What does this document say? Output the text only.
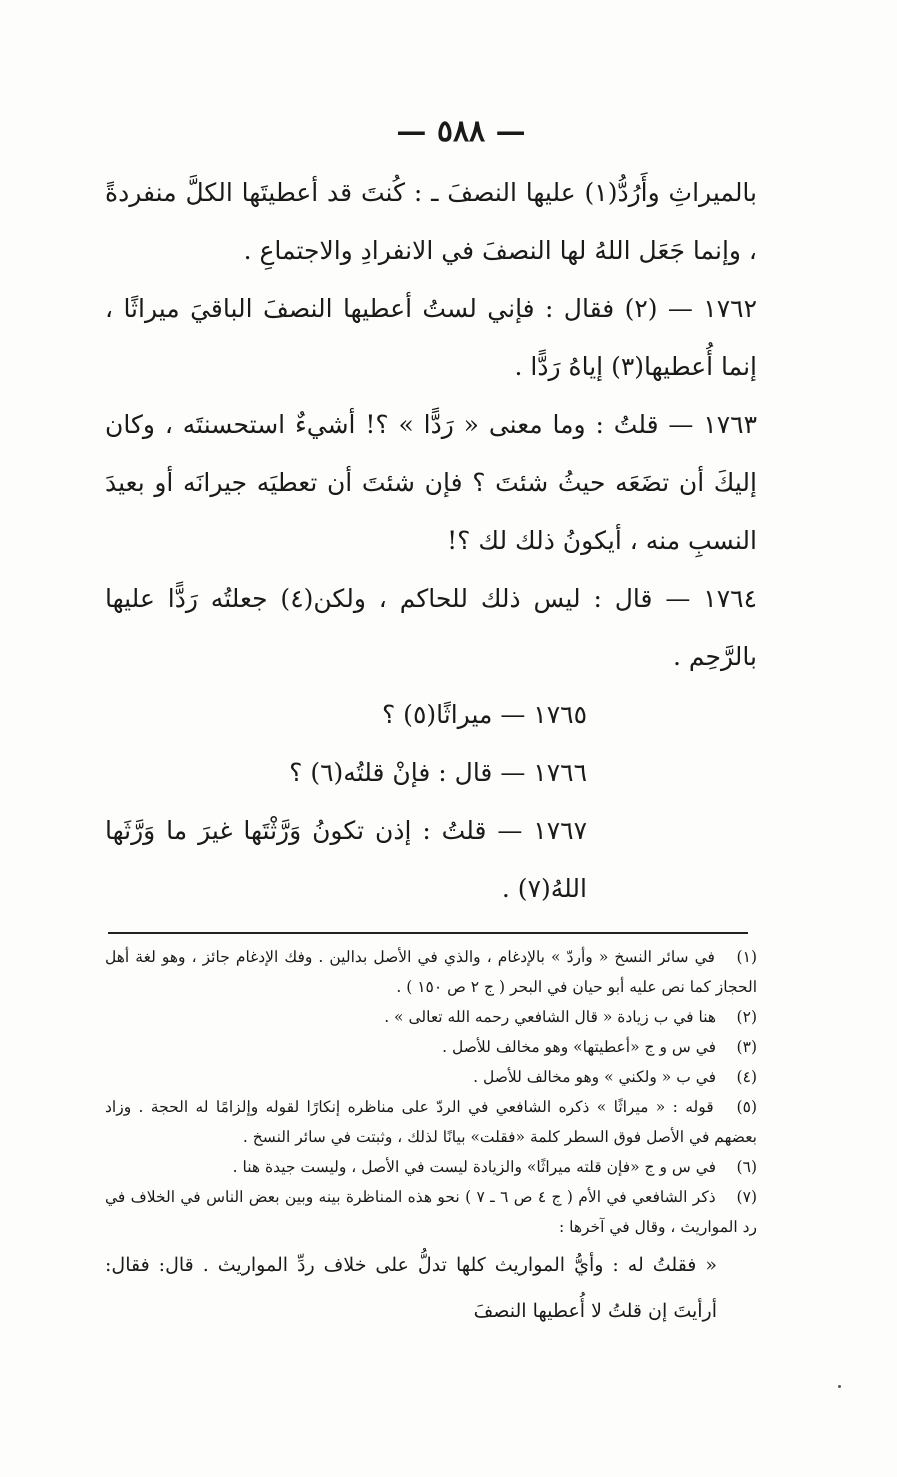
— ٥٨٨ —

بالميراثِ وأَرُدُّ(١) عليها النصفَ ـ : كُنتَ قد أعطيتَها الكلَّ منفردةً ، وإنما جَعَل اللهُ لها النصفَ في الانفرادِ والاجتماعِ .

١٧٦٢ — (٢) فقال : فإني لستُ أعطيها النصفَ الباقيَ ميراثًا ، إنما أُعطيها(٣) إياهُ رَدًّا .

١٧٦٣ — قلتُ : وما معنى « رَدًّا » ؟! أشيءٌ استحسنتَه ، وكان إليكَ أن تضَعَه حيثُ شئتَ ؟ فإن شئتَ أن تعطيَه جيرانَه أو بعيدَ النسبِ منه ، أيكونُ ذلك لك ؟!

١٧٦٤ — قال : ليس ذلك للحاكم ، ولكن(٤) جعلتُه رَدًّا عليها بالرَّحِم .

١٧٦٥ — ميراثًا(٥) ؟

١٧٦٦ — قال : فإنْ قلتُه(٦) ؟

١٧٦٧ — قلتُ : إذن تكونُ وَرَّثْتَها غيرَ ما وَرَّثَها اللهُ(٧) .

(١) في سائر النسخ « وأردّ » بالإدغام ، والذي في الأصل بدالين . وفك الإدغام جائز ، وهو لغة أهل الحجاز كما نص عليه أبو حيان في البحر ( ج ٢ ص ١٥٠ ) .

(٢) هنا في ب زيادة « قال الشافعي رحمه الله تعالى » .

(٣) في س و ج «أعطيتها» وهو مخالف للأصل .

(٤) في ب « ولكني » وهو مخالف للأصل .

(٥) قوله : « ميراثًا » ذكره الشافعي في الردّ على مناظره إنكارًا لقوله وإلزامًا له الحجة . وزاد بعضهم في الأصل فوق السطر كلمة «فقلت» بيانًا لذلك ، وثبتت في سائر النسخ .

(٦) في س و ج «فإن قلته ميراثًا» والزيادة ليست في الأصل ، وليست جيدة هنا .

(٧) ذكر الشافعي في الأم ( ج ٤ ص ٦ ـ ٧ ) نحو هذه المناظرة بينه وبين بعض الناس في الخلاف في رد المواريث ، وقال في آخرها :

« فقلتُ له : وأيُّ المواريث كلها تدلُّ على خلاف ردِّ المواريث . قال: فقال: أرأيتَ إن قلتُ لا أُعطيها النصفَ
